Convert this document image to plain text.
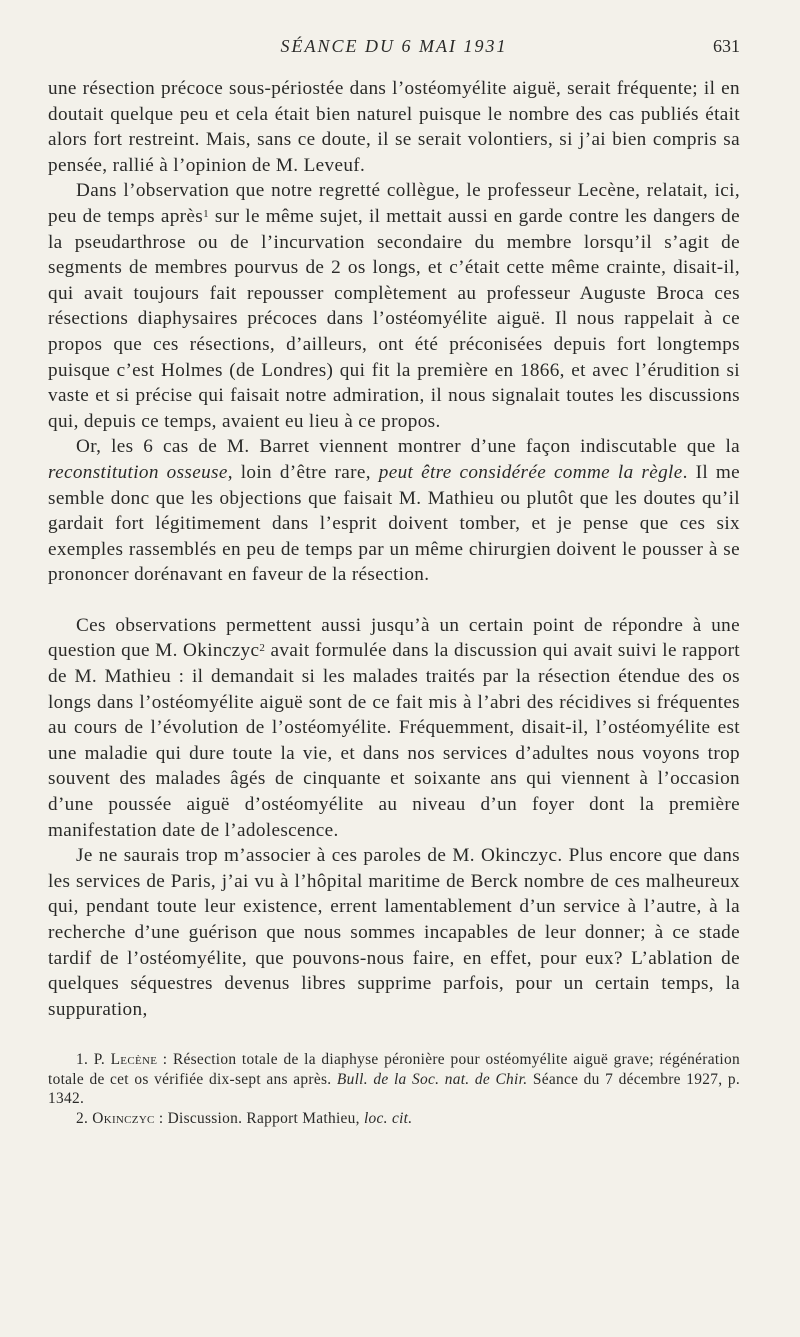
SÉANCE DU 6 MAI 1931	631

une résection précoce sous-périostée dans l’ostéomyélite aiguë, serait fréquente; il en doutait quelque peu et cela était bien naturel puisque le nombre des cas publiés était alors fort restreint. Mais, sans ce doute, il se serait volontiers, si j’ai bien compris sa pensée, rallié à l’opinion de M. Leveuf.

Dans l’observation que notre regretté collègue, le professeur Lecène, relatait, ici, peu de temps après$^1$ sur le même sujet, il mettait aussi en garde contre les dangers de la pseudarthrose ou de l’incurvation secondaire du membre lorsqu’il s’agit de segments de membres pourvus de 2 os longs, et c’était cette même crainte, disait-il, qui avait toujours fait repousser complètement au professeur Auguste Broca ces résections diaphysaires précoces dans l’ostéomyélite aiguë. Il nous rappelait à ce propos que ces résections, d’ailleurs, ont été préconisées depuis fort longtemps puisque c’est Holmes (de Londres) qui fit la première en 1866, et avec l’érudition si vaste et si précise qui faisait notre admiration, il nous signalait toutes les discussions qui, depuis ce temps, avaient eu lieu à ce propos.

Or, les 6 cas de M. Barret viennent montrer d’une façon indiscutable que la reconstitution osseuse, loin d’être rare, peut être considérée comme la règle. Il me semble donc que les objections que faisait M. Mathieu ou plutôt que les doutes qu’il gardait fort légitimement dans l’esprit doivent tomber, et je pense que ces six exemples rassemblés en peu de temps par un même chirurgien doivent le pousser à se prononcer dorénavant en faveur de la résection.

Ces observations permettent aussi jusqu’à un certain point de répondre à une question que M. Okinczyc$^2$ avait formulée dans la discussion qui avait suivi le rapport de M. Mathieu : il demandait si les malades traités par la résection étendue des os longs dans l’ostéomyélite aiguë sont de ce fait mis à l’abri des récidives si fréquentes au cours de l’évolution de l’ostéomyélite. Fréquemment, disait-il, l’ostéomyélite est une maladie qui dure toute la vie, et dans nos services d’adultes nous voyons trop souvent des malades âgés de cinquante et soixante ans qui viennent à l’occasion d’une poussée aiguë d’ostéomyélite au niveau d’un foyer dont la première manifestation date de l’adolescence.

Je ne saurais trop m’associer à ces paroles de M. Okinczyc. Plus encore que dans les services de Paris, j’ai vu à l’hôpital maritime de Berck nombre de ces malheureux qui, pendant toute leur existence, errent lamentablement d’un service à l’autre, à la recherche d’une guérison que nous sommes incapables de leur donner; à ce stade tardif de l’ostéomyélite, que pouvons-nous faire, en effet, pour eux? L’ablation de quelques séquestres devenus libres supprime parfois, pour un certain temps, la suppuration,

1. P. Lecène : Résection totale de la diaphyse péronière pour ostéomyélite aiguë grave; régénération totale de cet os vérifiée dix-sept ans après. Bull. de la Soc. nat. de Chir. Séance du 7 décembre 1927, p. 1342.

2. Okinczyc : Discussion. Rapport Mathieu, loc. cit.
